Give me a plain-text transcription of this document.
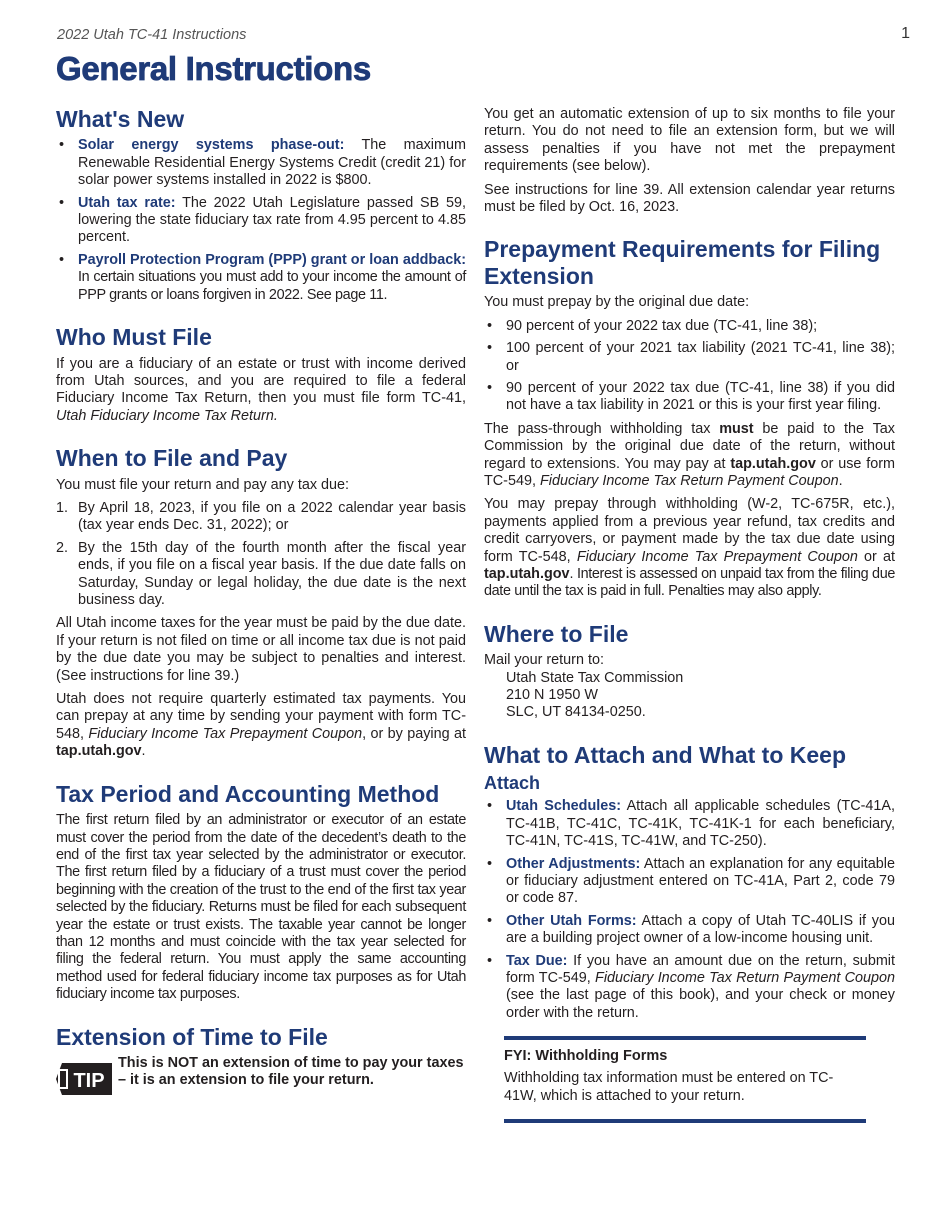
2022 Utah TC-41 Instructions	1
General Instructions
What's New
• Solar energy systems phase-out: The maximum Renewable Residential Energy Systems Credit (credit 21) for solar power systems installed in 2022 is $800.
• Utah tax rate: The 2022 Utah Legislature passed SB 59, lowering the state fiduciary tax rate from 4.95 percent to 4.85 percent.
• Payroll Protection Program (PPP) grant or loan addback: In certain situations you must add to your income the amount of PPP grants or loans forgiven in 2022. See page 11.
Who Must File

If you are a fiduciary of an estate or trust with income derived from Utah sources, and you are required to file a federal Fiduciary Income Tax Return, then you must file form TC-41, Utah Fiduciary Income Tax Return.

When to File and Pay

You must file your return and pay any tax due:

1. By April 18, 2023, if you file on a 2022 calendar year basis (tax year ends Dec. 31, 2022); or
2. By the 15th day of the fourth month after the fiscal year ends, if you file on a fiscal year basis. If the due date falls on Saturday, Sunday or legal holiday, the due date is the next business day.

All Utah income taxes for the year must be paid by the due date. If your return is not filed on time or all income tax due is not paid by the due date you may be subject to penalties and interest. (See instructions for line 39.)

Utah does not require quarterly estimated tax payments. You can prepay at any time by sending your payment with form TC-548, Fiduciary Income Tax Prepayment Coupon, or by paying at tap.utah.gov.

Tax Period and Accounting Method

The first return filed by an administrator or executor of an estate must cover the period from the date of the decedent’s death to the end of the first tax year selected by the administrator or executor. The first return filed by a fiduciary of a trust must cover the period beginning with the creation of the trust to the end of the first tax year selected by the fiduciary. Returns must be filed for each subsequent year the estate or trust exists. The taxable year cannot be longer than 12 months and must coincide with the tax year selected for filing the federal return. You must apply the same accounting method used for federal fiduciary income tax purposes as for Utah fiduciary income tax purposes.

Extension of Time to File
TIP
This is NOT an extension of time to pay your taxes – it is an extension to file your return.

You get an automatic extension of up to six months to file your return. You do not need to file an extension form, but we will assess penalties if you have not met the prepayment requirements (see below).

See instructions for line 39. All extension calendar year returns must be filed by Oct. 16, 2023.

Prepayment Requirements for Filing Extension

You must prepay by the original due date:

• 90 percent of your 2022 tax due (TC-41, line 38);
• 100 percent of your 2021 tax liability (2021 TC-41, line 38); or
• 90 percent of your 2022 tax due (TC-41, line 38) if you did not have a tax liability in 2021 or this is your first year filing.

The pass-through withholding tax must be paid to the Tax Commission by the original due date of the return, without regard to extensions. You may pay at tap.utah.gov or use form TC-549, Fiduciary Income Tax Return Payment Coupon.

You may prepay through withholding (W-2, TC-675R, etc.), payments applied from a previous year refund, tax credits and credit carryovers, or payment made by the tax due date using form TC-548, Fiduciary Income Tax Prepayment Coupon or at tap.utah.gov. Interest is assessed on unpaid tax from the filing due date until the tax is paid in full. Penalties may also apply.

Where to File

Mail your return to:

Utah State Tax Commission
210 N 1950 W
SLC, UT 84134-0250.
What to Attach and What to Keep
Attach
• Utah Schedules: Attach all applicable schedules (TC-41A, TC-41B, TC-41C, TC-41K, TC-41K-1 for each beneficiary, TC-41N, TC-41S, TC-41W, and TC-250).
• Other Adjustments: Attach an explanation for any equitable or fiduciary adjustment entered on TC-41A, Part 2, code 79 or code 87.
• Other Utah Forms: Attach a copy of Utah TC-40LIS if you are a building project owner of a low-income housing unit.
• Tax Due: If you have an amount due on the return, submit form TC-549, Fiduciary Income Tax Return Payment Coupon (see the last page of this book), and your check or money order with the return.
FYI: Withholding Forms

Withholding tax information must be entered on TC-41W, which is attached to your return.
